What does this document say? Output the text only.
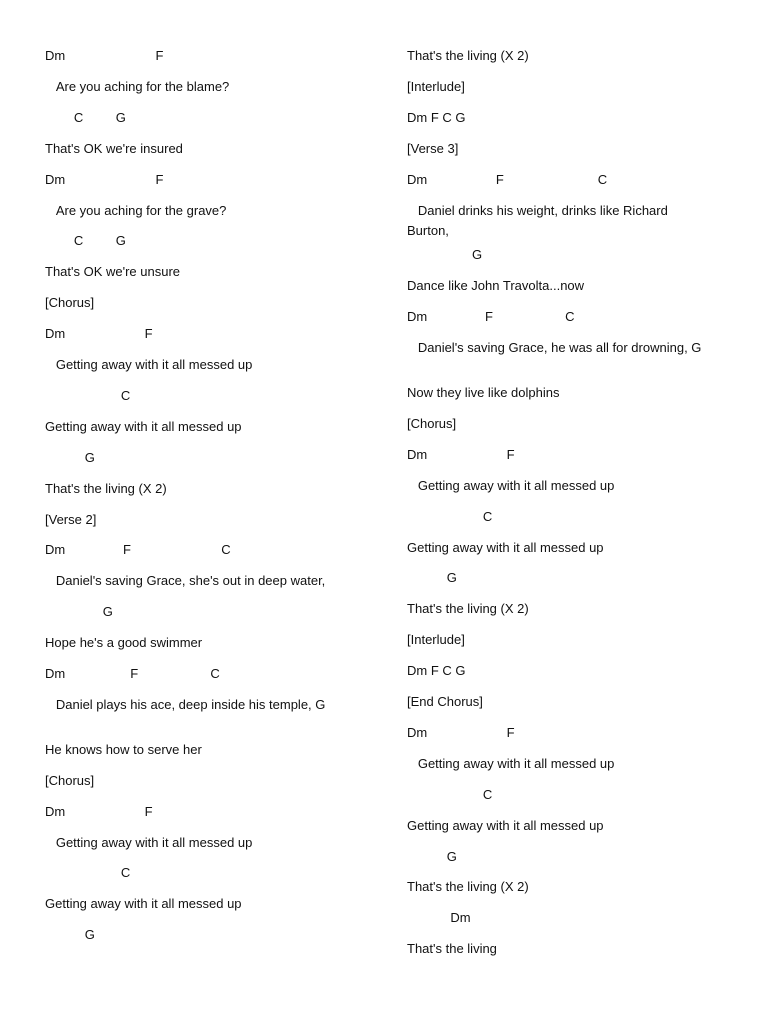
Dm                         F
Are you aching for the blame?
C         G
That's OK we're insured
Dm                         F
Are you aching for the grave?
C         G
That's OK we're unsure
[Chorus]
Dm                      F
Getting away with it all messed up
C
Getting away with it all messed up
G
That's the living (X 2)
[Verse 2]
Dm                F                         C
Daniel's saving Grace, she's out in deep water,
G
Hope he's a good swimmer
Dm                  F                    C
Daniel plays his ace, deep inside his temple, G
He knows how to serve her
[Chorus]
Dm                      F
Getting away with it all messed up
C
Getting away with it all messed up
G
That's the living (X 2)
[Interlude]
Dm F C G
[Verse 3]
Dm                   F                          C
Daniel drinks his weight, drinks like Richard Burton,
G
Dance like John Travolta...now
Dm                F                    C
Daniel's saving Grace, he was all for drowning, G
Now they live like dolphins
[Chorus]
Dm                      F
Getting away with it all messed up
C
Getting away with it all messed up
G
That's the living (X 2)
[Interlude]
Dm F C G
[End Chorus]
Dm                      F
Getting away with it all messed up
C
Getting away with it all messed up
G
That's the living (X 2)
Dm
That's the living
